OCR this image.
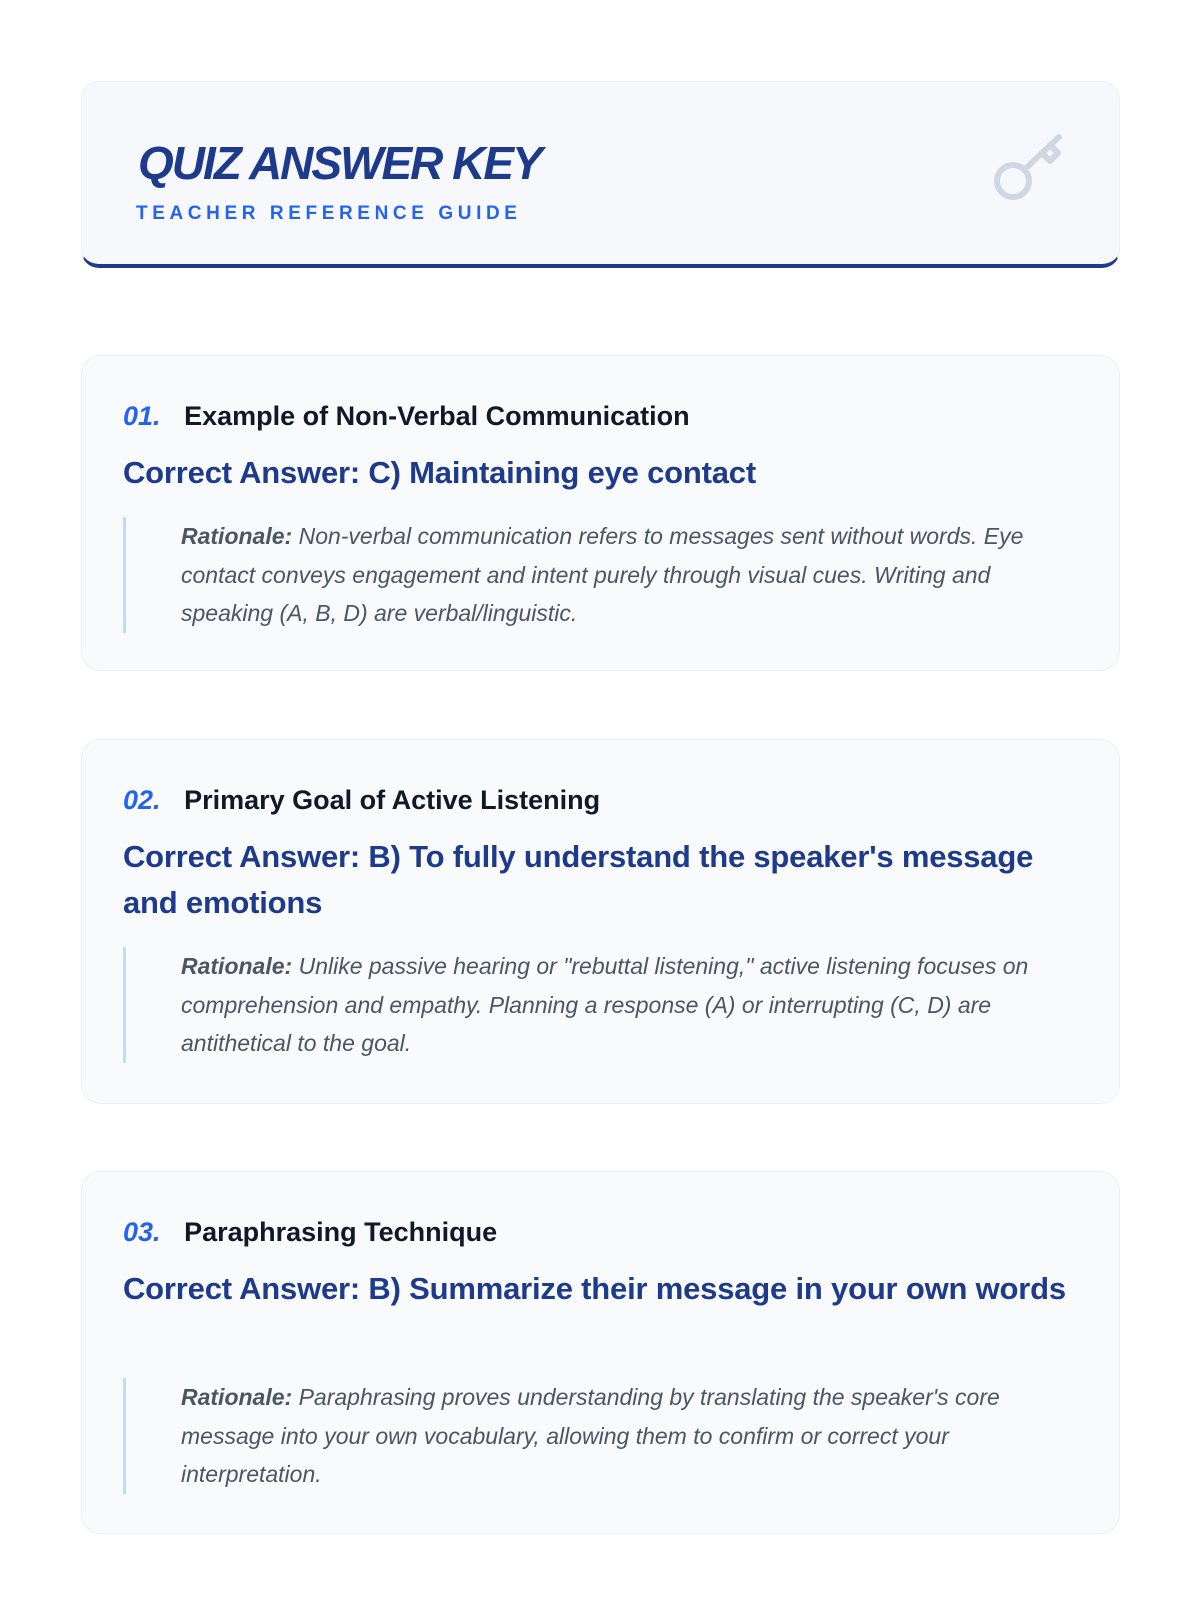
QUIZ ANSWER KEY

TEACHER REFERENCE GUIDE

01. Example of Non-Verbal Communication

Correct Answer: C) Maintaining eye contact

Rationale: Non-verbal communication refers to messages sent without words. Eye contact conveys engagement and intent purely through visual cues. Writing and speaking (A, B, D) are verbal/linguistic.
02. Primary Goal of Active Listening

Correct Answer: B) To fully understand the speaker's message and emotions

Rationale: Unlike passive hearing or "rebuttal listening," active listening focuses on comprehension and empathy. Planning a response (A) or interrupting (C, D) are antithetical to the goal.
03. Paraphrasing Technique

Correct Answer: B) Summarize their message in your own words

Rationale: Paraphrasing proves understanding by translating the speaker's core message into your own vocabulary, allowing them to confirm or correct your interpretation.
